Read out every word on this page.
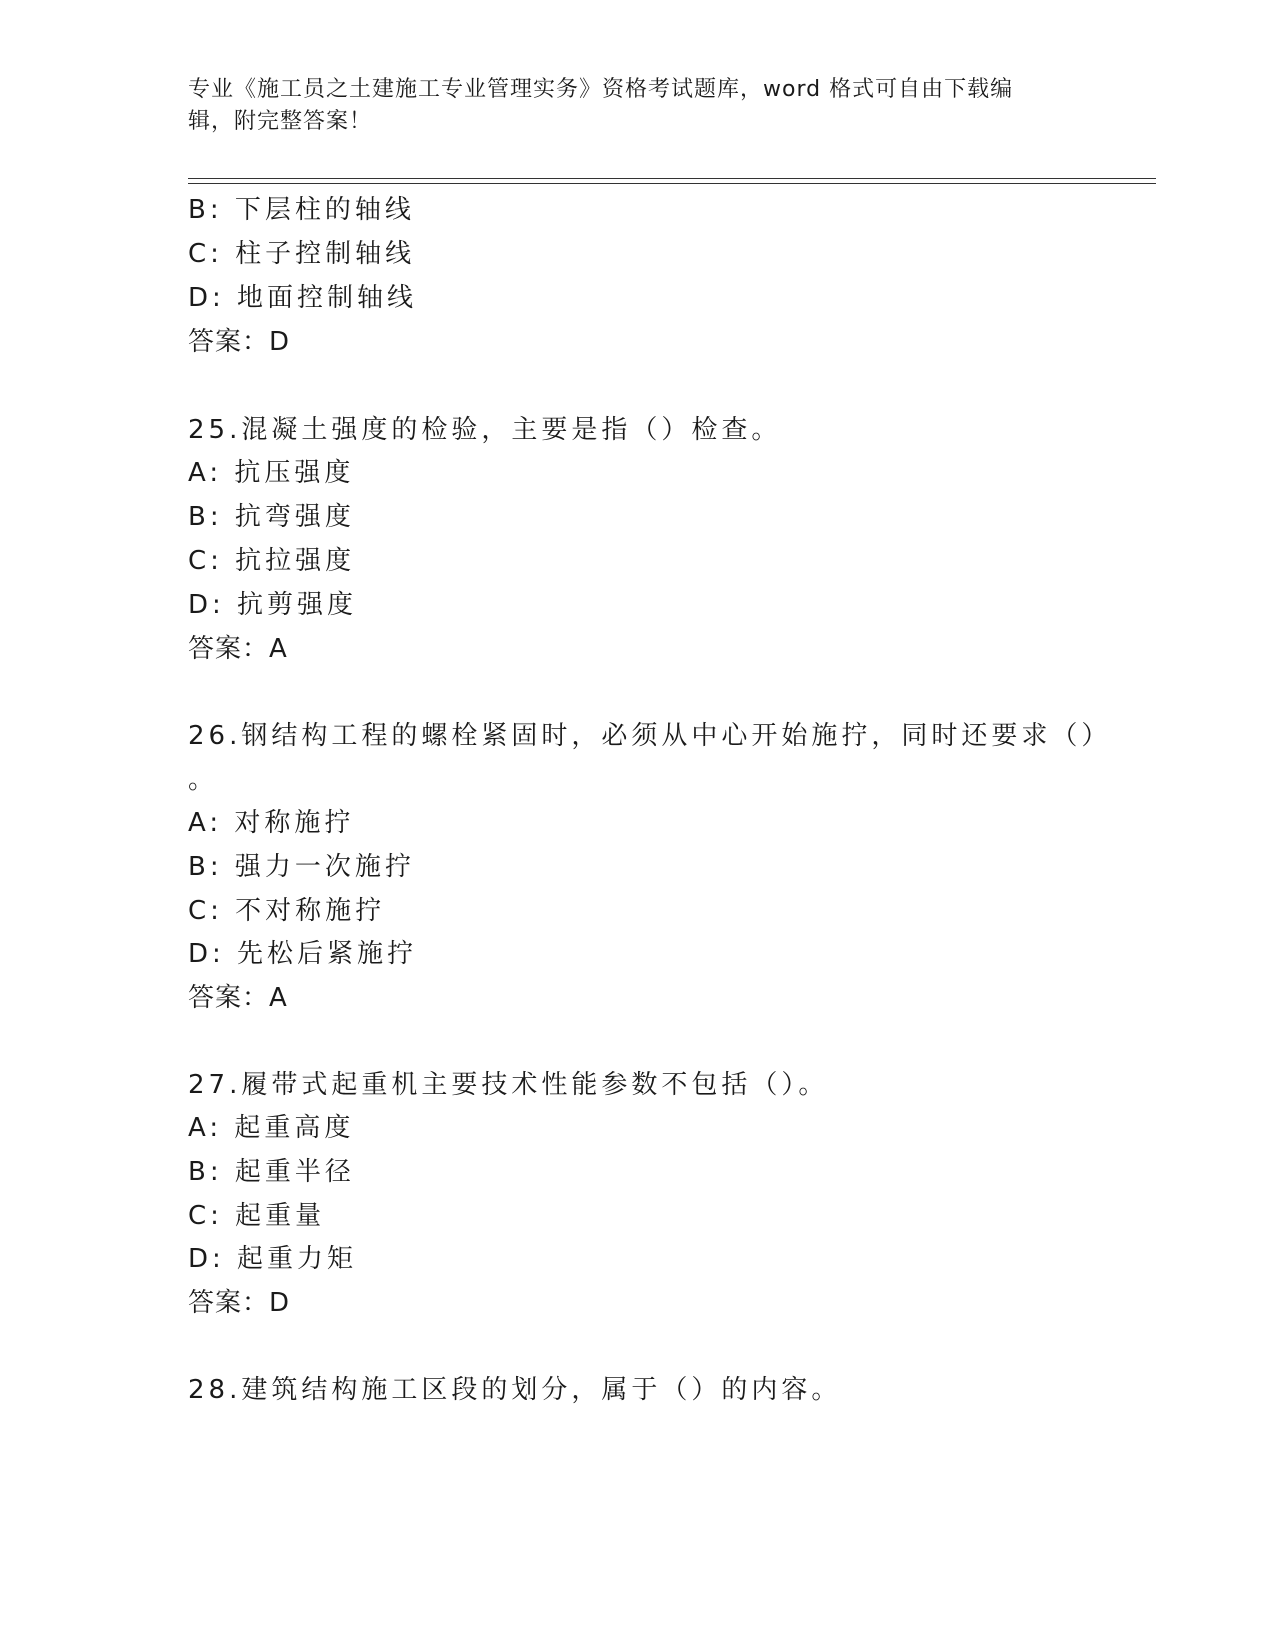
专业《施工员之土建施工专业管理实务》资格考试题库，word 格式可自由下载编
辑，附完整答案！
B: 下层柱的轴线
C: 柱子控制轴线
D: 地面控制轴线
答案：D
25.混凝土强度的检验，主要是指（）检查。
A: 抗压强度
B: 抗弯强度
C: 抗拉强度
D: 抗剪强度
答案：A
26.钢结构工程的螺栓紧固时，必须从中心开始施拧，同时还要求（）
。
A: 对称施拧
B: 强力一次施拧
C: 不对称施拧
D: 先松后紧施拧
答案：A
27.履带式起重机主要技术性能参数不包括（）。
A: 起重高度
B: 起重半径
C: 起重量
D: 起重力矩
答案：D
28.建筑结构施工区段的划分，属于（）的内容。
